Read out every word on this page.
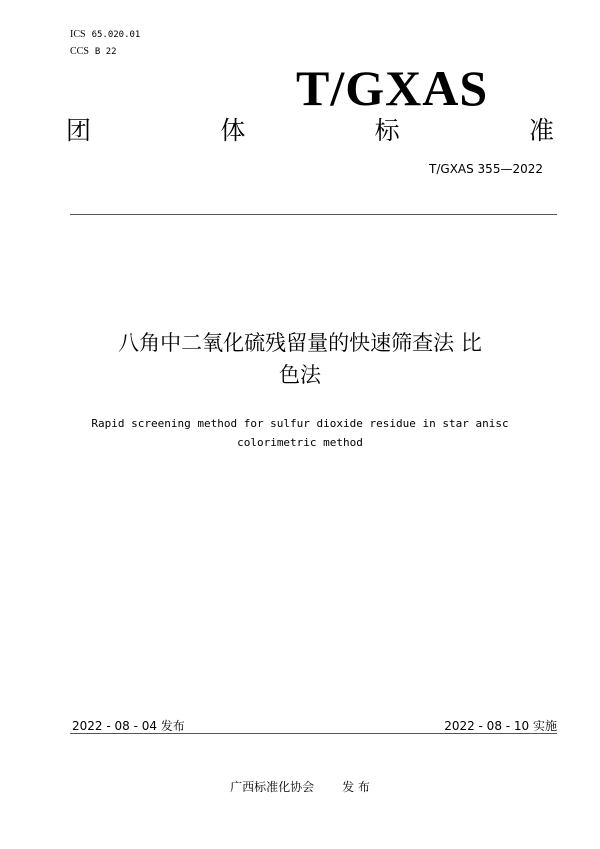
ICS 65.020.01
CCS B 22
T/GXAS
团	体	标	准
T/GXAS 355—2022
八角中二氧化硫残留量的快速筛查法 比
色法
Rapid screening method for sulfur dioxide residue in star anisc
colorimetric method
2022 - 08 - 04 发布	2022 - 08 - 10 实施
广西标准化协会 发 布
